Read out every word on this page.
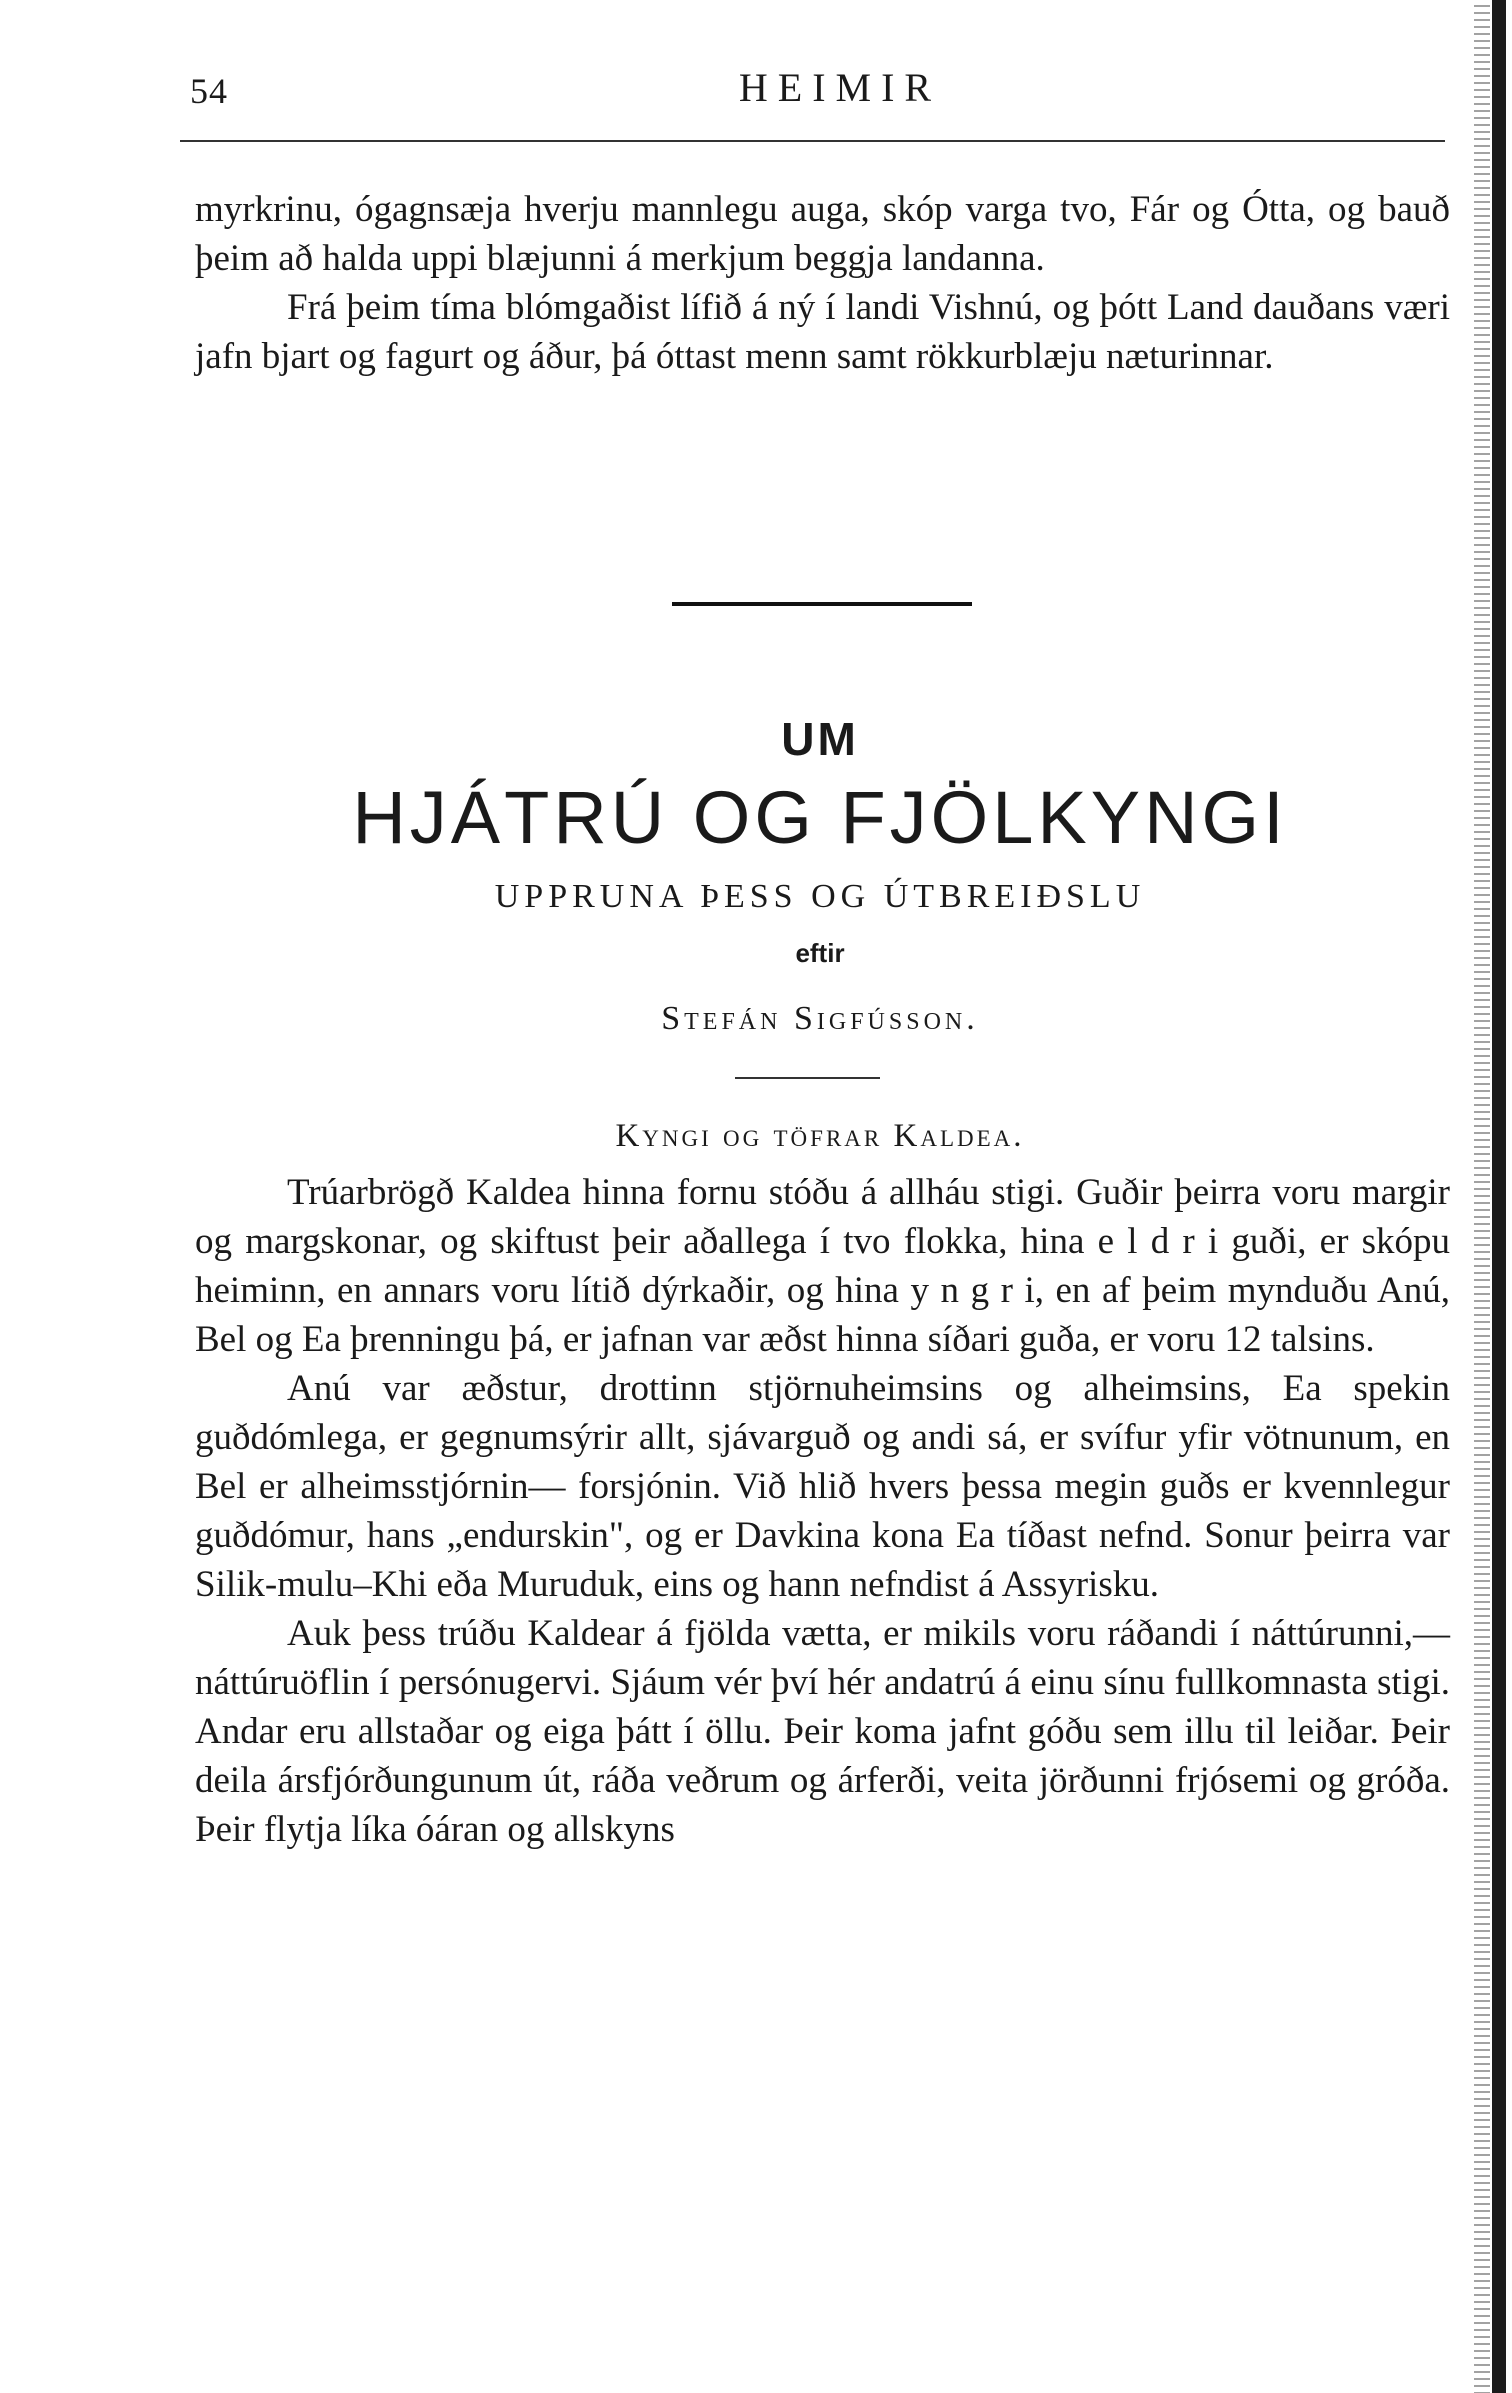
54	HEIMIR

myrkrinu, ógagnsæja hverju mannlegu auga, skóp varga tvo, Fár og Ótta, og bauð þeim að halda uppi blæjunni á merkjum beggja landanna.

Frá þeim tíma blómgaðist lífið á ný í landi Vishnú, og þótt Land dauðans væri jafn bjart og fagurt og áður, þá óttast menn samt rökkurblæju næturinnar.

UM
HJÁTRÚ OG FJÖLKYNGI
UPPRUNA ÞESS OG ÚTBREIÐSLU
eftir
Stefán Sigfússon.
Kyngi og töfrar Kaldea.

Trúarbrögð Kaldea hinna fornu stóðu á allháu stigi. Guðir þeirra voru margir og margskonar, og skiftust þeir aðallega í tvo flokka, hina e l d r i guði, er skópu heiminn, en annars voru lítið dýrkaðir, og hina y n g r i, en af þeim mynduðu Anú, Bel og Ea þrenningu þá, er jafnan var æðst hinna síðari guða, er voru 12 talsins.

Anú var æðstur, drottinn stjörnuheimsins og alheimsins, Ea spekin guðdómlega, er gegnumsýrir allt, sjávarguð og andi sá, er svífur yfir vötnunum, en Bel er alheimsstjórnin— forsjónin. Við hlið hvers þessa megin guðs er kvennlegur guðdómur, hans „endurskin", og er Davkina kona Ea tíðast nefnd. Sonur þeirra var Silik-mulu–Khi eða Muruduk, eins og hann nefndist á Assyrisku.

Auk þess trúðu Kaldear á fjölda vætta, er mikils voru ráðandi í náttúrunni,—náttúruöflin í persónugervi. Sjáum vér því hér andatrú á einu sínu fullkomnasta stigi. Andar eru allstaðar og eiga þátt í öllu. Þeir koma jafnt góðu sem illu til leiðar. Þeir deila ársfjórðungunum út, ráða veðrum og árferði, veita jörðunni frjósemi og gróða. Þeir flytja líka óáran og allskyns
